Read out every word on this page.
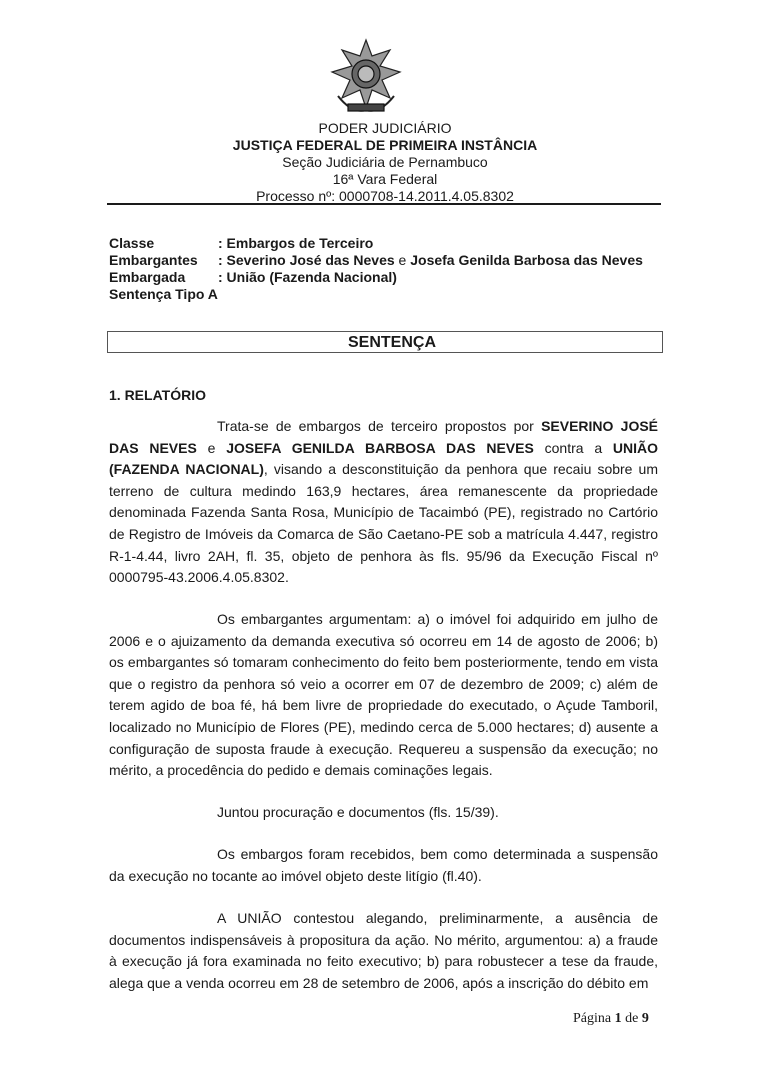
PODER JUDICIÁRIO
JUSTIÇA FEDERAL DE PRIMEIRA INSTÂNCIA
Seção Judiciária de Pernambuco
16ª Vara Federal
Processo nº: 0000708-14.2011.4.05.8302
Classe	: Embargos de Terceiro
Embargantes	: Severino José das Neves e Josefa Genilda Barbosa das Neves
Embargada	: União (Fazenda Nacional)
Sentença Tipo A
SENTENÇA
1. RELATÓRIO

Trata-se de embargos de terceiro propostos por SEVERINO JOSÉ DAS NEVES e JOSEFA GENILDA BARBOSA DAS NEVES contra a UNIÃO (FAZENDA NACIONAL), visando a desconstituição da penhora que recaiu sobre um terreno de cultura medindo 163,9 hectares, área remanescente da propriedade denominada Fazenda Santa Rosa, Município de Tacaimbó (PE), registrado no Cartório de Registro de Imóveis da Comarca de São Caetano-PE sob a matrícula 4.447, registro R-1-4.44, livro 2AH, fl. 35, objeto de penhora às fls. 95/96 da Execução Fiscal nº 0000795-43.2006.4.05.8302.

Os embargantes argumentam: a) o imóvel foi adquirido em julho de 2006 e o ajuizamento da demanda executiva só ocorreu em 14 de agosto de 2006; b) os embargantes só tomaram conhecimento do feito bem posteriormente, tendo em vista que o registro da penhora só veio a ocorrer em 07 de dezembro de 2009; c) além de terem agido de boa fé, há bem livre de propriedade do executado, o Açude Tamboril, localizado no Município de Flores (PE), medindo cerca de 5.000 hectares; d) ausente a configuração de suposta fraude à execução. Requereu a suspensão da execução; no mérito, a procedência do pedido e demais cominações legais.

Juntou procuração e documentos (fls. 15/39).

Os embargos foram recebidos, bem como determinada a suspensão da execução no tocante ao imóvel objeto deste litígio (fl.40).

A UNIÃO contestou alegando, preliminarmente, a ausência de documentos indispensáveis à propositura da ação. No mérito, argumentou: a) a fraude à execução já fora examinada no feito executivo; b) para robustecer a tese da fraude, alega que a venda ocorreu em 28 de setembro de 2006, após a inscrição do débito em

Página 1 de 9
